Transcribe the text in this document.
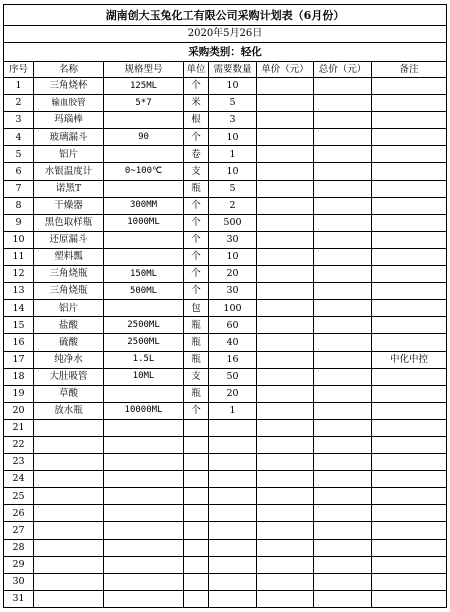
湖南创大玉兔化工有限公司采购计划表（6月份）							
2020年5月26日							
采购类别：轻化							
序号	名称	规格型号	单位	需要数量	单价（元）	总价（元）	备注
1	三角烧杯	125ML	个	10			
2	输血胶管	5*7	米	5			
3	玛瑙棒		根	3			
4	玻璃漏斗	90	个	10			
5	铝片		卷	1			
6	水银温度计	0~100℃	支	10			
7	诺黑T		瓶	5			
8	干燥器	300MM	个	2			
9	黑色取样瓶	1000ML	个	500			
10	还原漏斗		个	30			
11	塑料瓢		个	10			
12	三角烧瓶	150ML	个	20			
13	三角烧瓶	500ML	个	30			
14	铝片		包	100			
15	盐酸	2500ML	瓶	60			
16	硫酸	2500ML	瓶	40			
17	纯净水	1.5L	瓶	16			中化中控
18	大肚吸管	10ML	支	50			
19	草酸		瓶	20			
20	放水瓶	10000ML	个	1			
21							
22							
23							
24							
25							
26							
27							
28							
29							
30							
31							
